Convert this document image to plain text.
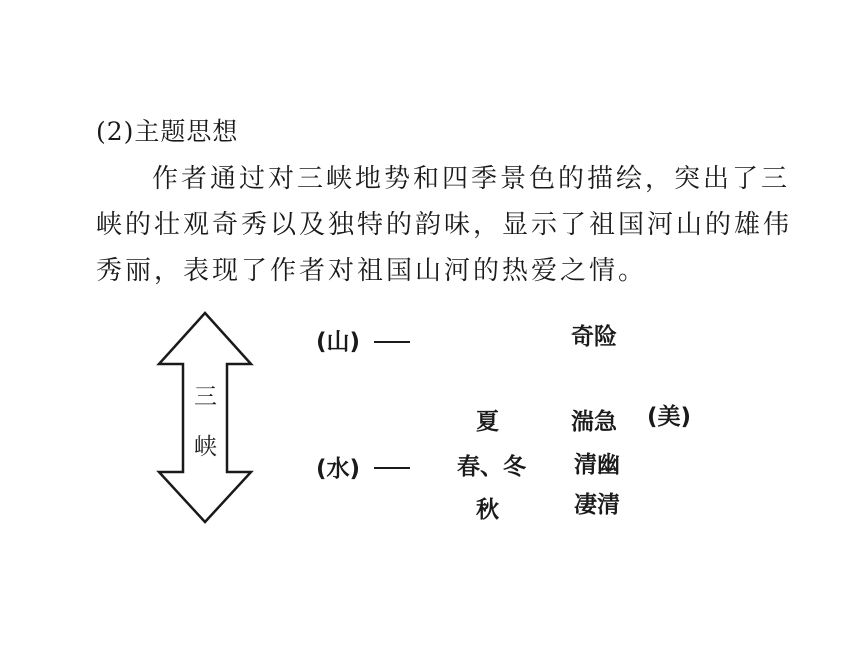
(2)主题思想
作者通过对三峡地势和四季景色的描绘，突出了三
峡的壮观奇秀以及独特的韵味，显示了祖国河山的雄伟
秀丽，表现了作者对祖国山河的热爱之情。
三
峡
(山)	奇险
(水)
夏
春、冬
秋
湍急
清幽
凄清
(美)
